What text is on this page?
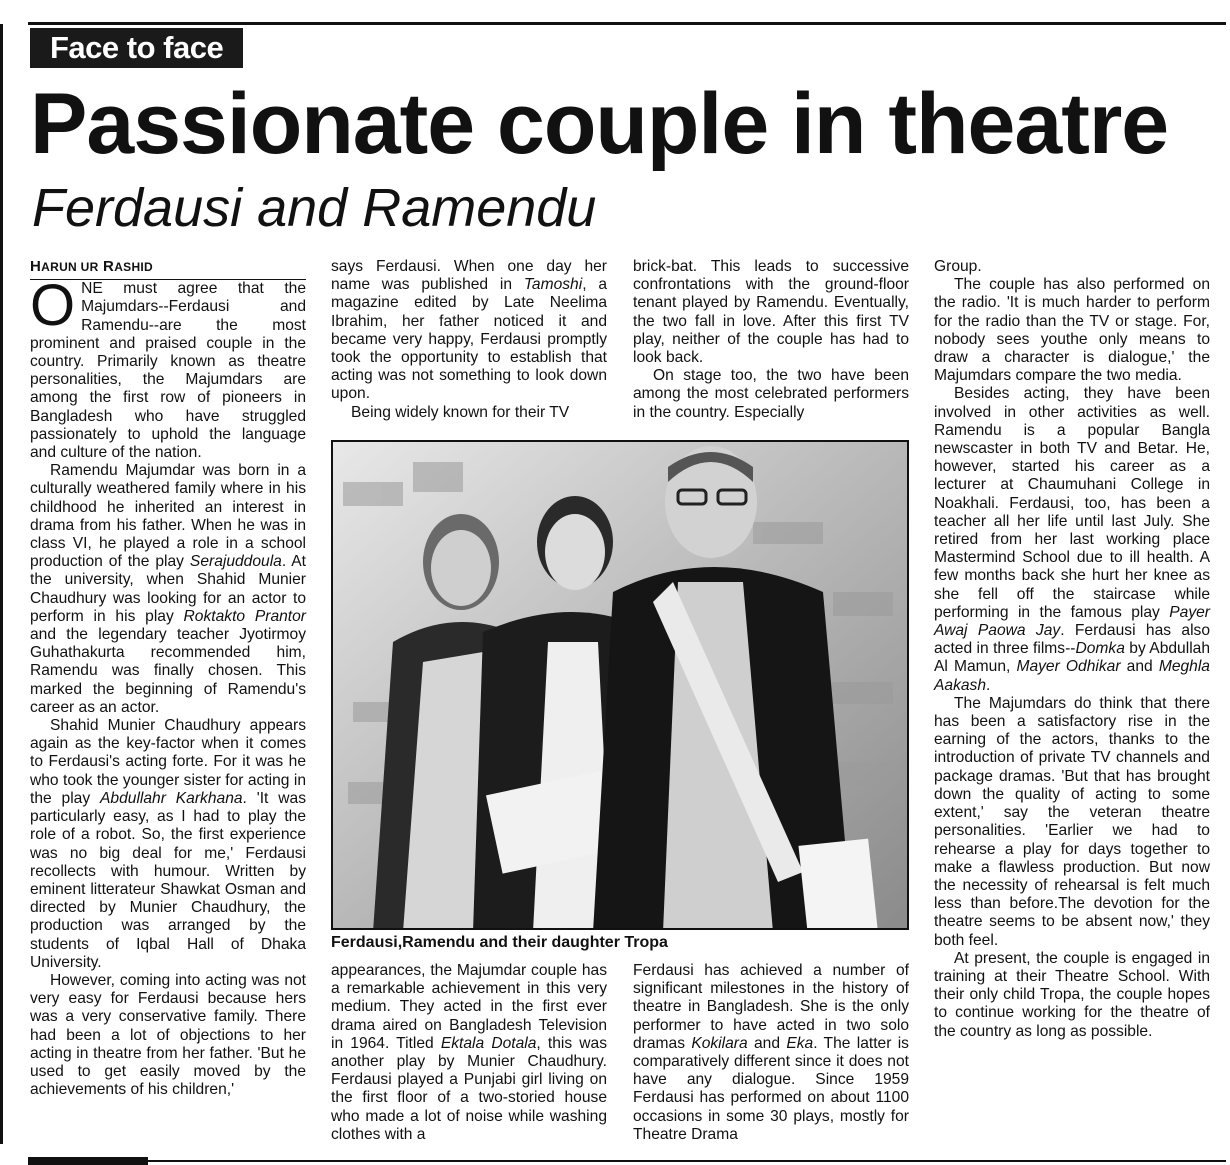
Face to face
Passionate couple in theatre
Ferdausi and Ramendu

HARUN UR RASHID

ONE must agree that the Majumdars--Ferdausi and Ramendu--are the most prominent and praised couple in the country. Primarily known as theatre personalities, the Majumdars are among the first row of pioneers in Bangladesh who have struggled passionately to uphold the language and culture of the nation.

Ramendu Majumdar was born in a culturally weathered family where in his childhood he inherited an interest in drama from his father. When he was in class VI, he played a role in a school production of the play Serajuddoula. At the university, when Shahid Munier Chaudhury was looking for an actor to perform in his play Roktakto Prantor and the legendary teacher Jyotirmoy Guhathakurta recommended him, Ramendu was finally chosen. This marked the beginning of Ramendu's career as an actor.

Shahid Munier Chaudhury appears again as the key-factor when it comes to Ferdausi's acting forte. For it was he who took the younger sister for acting in the play Abdullahr Karkhana. 'It was particularly easy, as I had to play the role of a robot. So, the first experience was no big deal for me,' Ferdausi recollects with humour. Written by eminent litterateur Shawkat Osman and directed by Munier Chaudhury, the production was arranged by the students of Iqbal Hall of Dhaka University.

However, coming into acting was not very easy for Ferdausi because hers was a very conservative family. There had been a lot of objections to her acting in theatre from her father. 'But he used to get easily moved by the achievements of his children,'

says Ferdausi. When one day her name was published in Tamoshi, a magazine edited by Late Neelima Ibrahim, her father noticed it and became very happy, Ferdausi promptly took the opportunity to establish that acting was not something to look down upon.

Being widely known for their TV

brick-bat. This leads to successive confrontations with the ground-floor tenant played by Ramendu. Eventually, the two fall in love. After this first TV play, neither of the couple has had to look back.

On stage too, the two have been among the most celebrated performers in the country. Especially

Ferdausi,Ramendu and their daughter Tropa

appearances, the Majumdar couple has a remarkable achievement in this very medium. They acted in the first ever drama aired on Bangladesh Television in 1964. Titled Ektala Dotala, this was another play by Munier Chaudhury. Ferdausi played a Punjabi girl living on the first floor of a two-storied house who made a lot of noise while washing clothes with a

Ferdausi has achieved a number of significant milestones in the history of theatre in Bangladesh. She is the only performer to have acted in two solo dramas Kokilara and Eka. The latter is comparatively different since it does not have any dialogue. Since 1959 Ferdausi has performed on about 1100 occasions in some 30 plays, mostly for Theatre Drama

Group.

The couple has also performed on the radio. 'It is much harder to perform for the radio than the TV or stage. For, nobody sees youthe only means to draw a character is dialogue,' the Majumdars compare the two media.

Besides acting, they have been involved in other activities as well. Ramendu is a popular Bangla newscaster in both TV and Betar. He, however, started his career as a lecturer at Chaumuhani College in Noakhali. Ferdausi, too, has been a teacher all her life until last July. She retired from her last working place Mastermind School due to ill health. A few months back she hurt her knee as she fell off the staircase while performing in the famous play Payer Awaj Paowa Jay. Ferdausi has also acted in three films--Domka by Abdullah Al Mamun, Mayer Odhikar and Meghla Aakash.

The Majumdars do think that there has been a satisfactory rise in the earning of the actors, thanks to the introduction of private TV channels and package dramas. 'But that has brought down the quality of acting to some extent,' say the veteran theatre personalities. 'Earlier we had to rehearse a play for days together to make a flawless production. But now the necessity of rehearsal is felt much less than before.The devotion for the theatre seems to be absent now,' they both feel.

At present, the couple is engaged in training at their Theatre School. With their only child Tropa, the couple hopes to continue working for the theatre of the country as long as possible.
